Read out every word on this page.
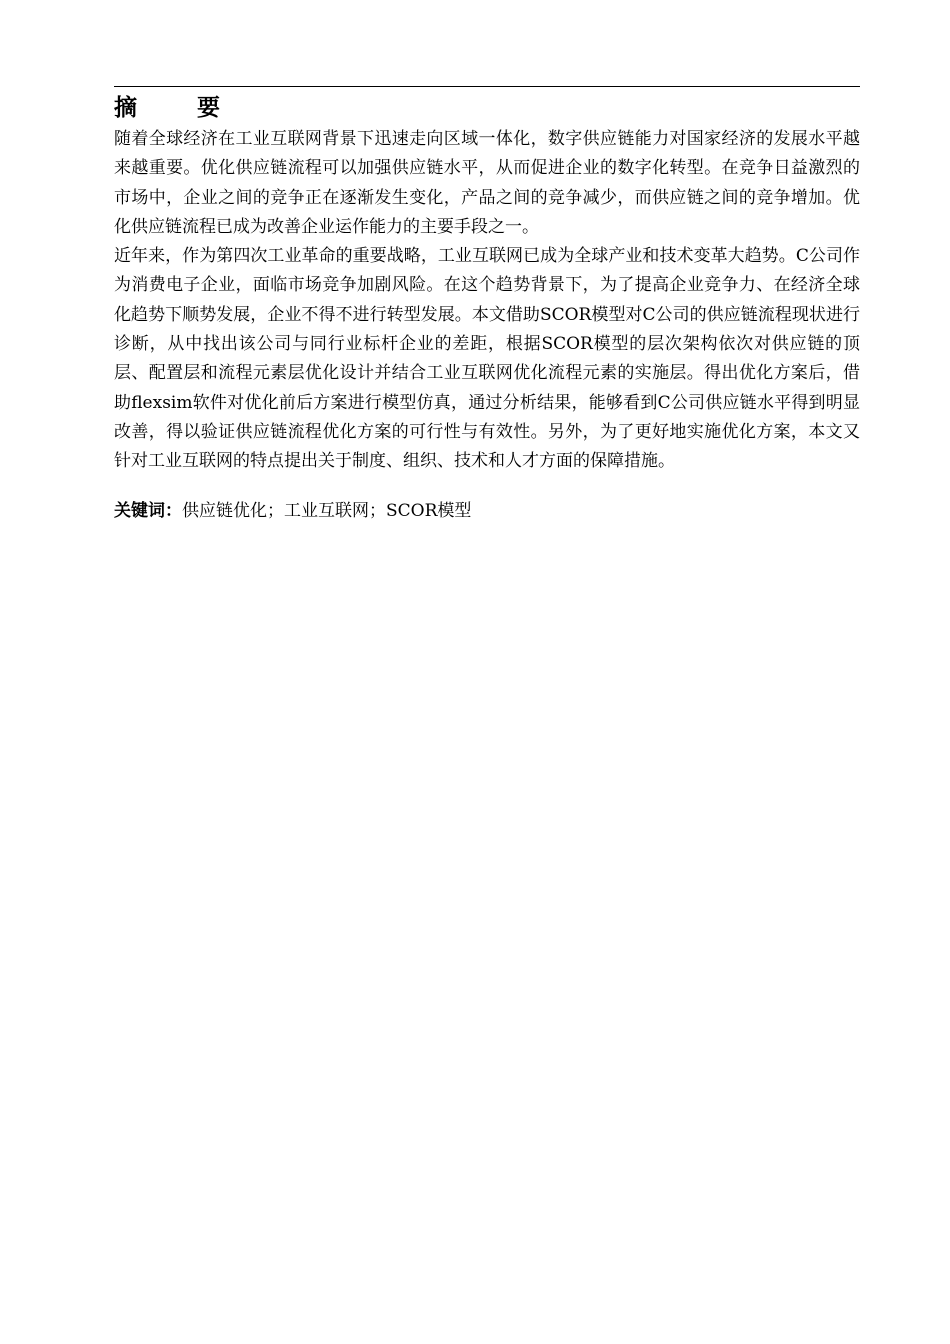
摘 要

随着全球经济在工业互联网背景下迅速走向区域一体化，数字供应链能力对国家经济的发展水平越来越重要。优化供应链流程可以加强供应链水平，从而促进企业的数字化转型。在竞争日益激烈的市场中，企业之间的竞争正在逐渐发生变化，产品之间的竞争减少，而供应链之间的竞争增加。优化供应链流程已成为改善企业运作能力的主要手段之一。

近年来，作为第四次工业革命的重要战略，工业互联网已成为全球产业和技术变革大趋势。C公司作为消费电子企业，面临市场竞争加剧风险。在这个趋势背景下，为了提高企业竞争力、在经济全球化趋势下顺势发展，企业不得不进行转型发展。本文借助SCOR模型对C公司的供应链流程现状进行诊断，从中找出该公司与同行业标杆企业的差距，根据SCOR模型的层次架构依次对供应链的顶层、配置层和流程元素层优化设计并结合工业互联网优化流程元素的实施层。得出优化方案后，借助flexsim软件对优化前后方案进行模型仿真，通过分析结果，能够看到C公司供应链水平得到明显改善，得以验证供应链流程优化方案的可行性与有效性。另外，为了更好地实施优化方案，本文又针对工业互联网的特点提出关于制度、组织、技术和人才方面的保障措施。

关键词：供应链优化；工业互联网；SCOR模型
